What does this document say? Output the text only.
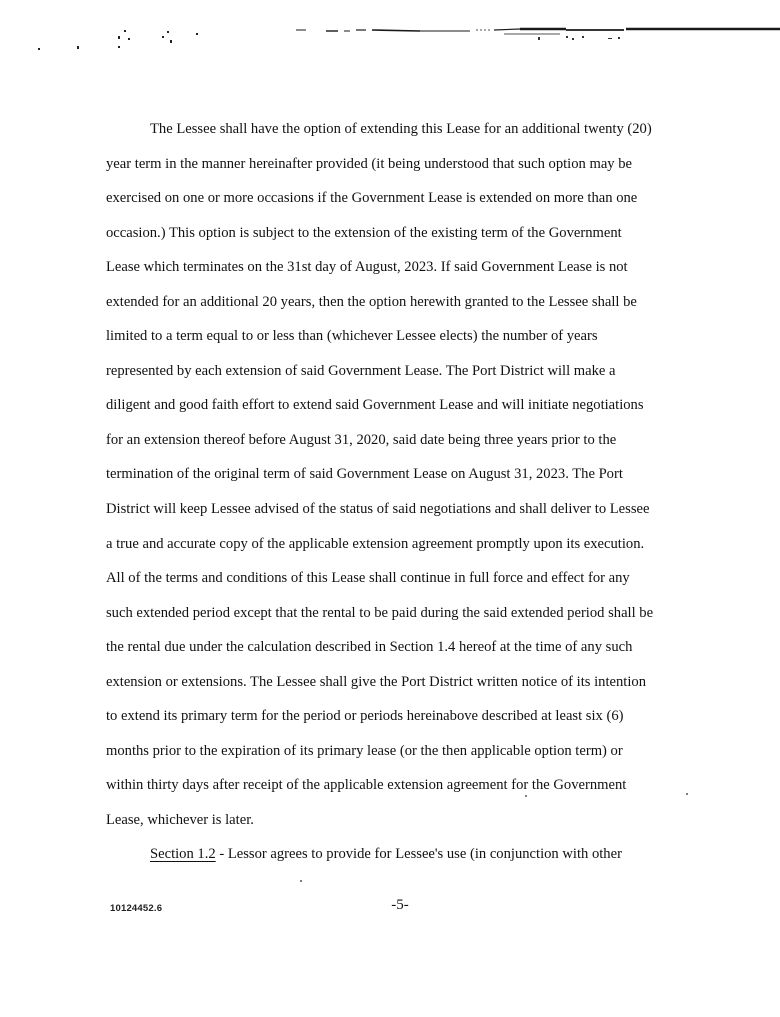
The Lessee shall have the option of extending this Lease for an additional twenty (20)
year term in the manner hereinafter provided (it being understood that such option may be
exercised on one or more occasions if the Government Lease is extended on more than one
occasion.) This option is subject to the extension of the existing term of the Government
Lease which terminates on the 31st day of August, 2023. If said Government Lease is not
extended for an additional 20 years, then the option herewith granted to the Lessee shall be
limited to a term equal to or less than (whichever Lessee elects) the number of years
represented by each extension of said Government Lease. The Port District will make a
diligent and good faith effort to extend said Government Lease and will initiate negotiations
for an extension thereof before August 31, 2020, said date being three years prior to the
termination of the original term of said Government Lease on August 31, 2023. The Port
District will keep Lessee advised of the status of said negotiations and shall deliver to Lessee
a true and accurate copy of the applicable extension agreement promptly upon its execution.
All of the terms and conditions of this Lease shall continue in full force and effect for any
such extended period except that the rental to be paid during the said extended period shall be
the rental due under the calculation described in Section 1.4 hereof at the time of any such
extension or extensions. The Lessee shall give the Port District written notice of its intention
to extend its primary term for the period or periods hereinabove described at least six (6)
months prior to the expiration of its primary lease (or the then applicable option term) or
within thirty days after receipt of the applicable extension agreement for the Government
Lease, whichever is later.
Section 1.2 - Lessor agrees to provide for Lessee's use (in conjunction with other
10124452.6	-5-
